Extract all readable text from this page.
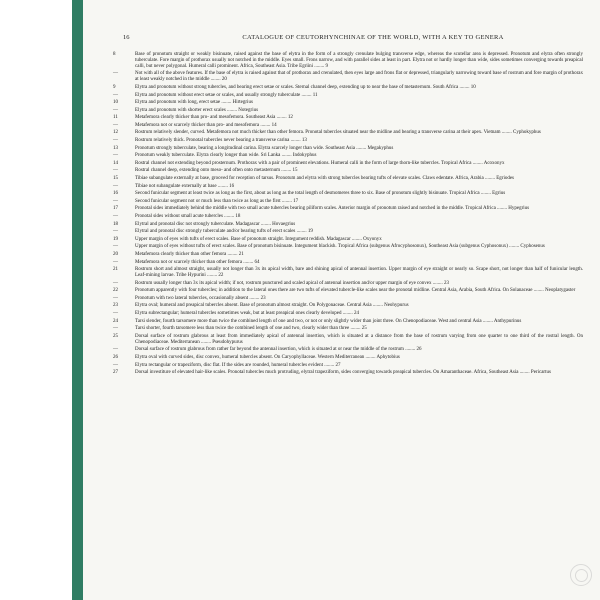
16	CATALOGUE OF CEUTORHYNCHINAE OF THE WORLD, WITH A KEY TO GENERA
8	Base of pronotum straight or weakly bisinuate, raised against the base of elytra in the form of a strongly crenulate bulging transverse edge, whereas the scutellar area is depressed. Pronotum and elytra often strongly tuberculate. Fore margin of prothorax usually not notched in the middle. Eyes small. Frons narrow, and with parallel sides at least in part. Elytra not or hardly longer than wide, sides sometimes converging towards preapical calli, but never polygonal. Humeral calli prominent. Africa, Southeast Asia. Tribe Egriini ........ 9
—	Not with all of the above features. If the base of elytra is raised against that of prothorax and crenulated, then eyes large and frons flat or depressed, triangularly narrowing toward base of rostrum and fore margin of prothorax at least weakly notched in the middle ........ 20
9	Elytra and pronotum without strong tubercles, and bearing erect setae or scales. Sternal channel deep, extending up to near the base of metasternum. South Africa ........ 10
—	Elytra and pronotum without erect setae or scales, and usually strongly tuberculate ........ 11
10	Elytra and pronotum with long, erect setae ........ Hirtegrius
—	Elytra and pronotum with shorter erect scales ........ Notegrius
11	Metafemora clearly thicker than pro- and mesofemora. Southeast Asia ........ 12
—	Metafemora not or scarcely thicker than pro- and mesofemora ........ 14
12	Rostrum relatively slender, curved. Metafemora not much thicker than other femora. Pronotal tubercles situated near the midline and bearing a transverse carina at their apex. Vietnam ........ Cyphokyphus
—	Rostrum relatively thick. Pronotal tubercles never bearing a transverse carina ........ 13
13	Pronotum strongly tuberculate, bearing a longitudinal carina. Elytra scarcely longer than wide. Southeast Asia ........ Megakyphus
—	Pronotum weakly tuberculate. Elytra clearly longer than wide. Sri Lanka ........ Indokyphus
14	Rostral channel not extending beyond prosternum. Prothorax with a pair of prominent elevations. Humeral calli in the form of large thorn-like tubercles. Tropical Africa ........ Acoxonyx
—	Rostral channel deep, extending onto meso- and often onto metasternum ........ 15
15	Tibiae subangulate externally at base, grooved for reception of tarsus. Pronotum and elytra with strong tubercles bearing tufts of elevate scales. Claws edentate. Africa, Arabia ........ Egriodes
—	Tibiae not subangulate externally at base ........ 16
16	Second funicular segment at least twice as long as the first, about as long as the total length of desmomeres three to six. Base of pronotum slightly bisinuate. Tropical Africa ........ Egrius
—	Second funicular segment not or much less than twice as long as the first ........ 17
17	Pronotal sides immediately behind the middle with two small acute tubercles bearing piliform scales. Anterior margin of pronotum raised and notched in the middle. Tropical Africa ........ Hypegrius
—	Pronotal sides without small acute tubercles ........ 18
18	Elytral and pronotal disc not strongly tuberculate. Madagascar ........ Hovaegrius
—	Elytral and pronotal disc strongly tuberculate and/or bearing tufts of erect scales ........ 19
19	Upper margin of eyes with tufts of erect scales. Base of pronotum straight. Integument reddish. Madagascar ........ Oxyonyx
—	Upper margin of eyes without tufts of erect scales. Base of pronotum bisinuate. Integument blackish. Tropical Africa (subgenus Afrocyphosonux), Southeast Asia (subgenus Cyphosonux) ........ Cyphosenus
20	Metafemora clearly thicker than other femora ........ 21
—	Metafemora not or scarcely thicker than other femora ........ 64
21	Rostrum short and almost straight, usually not longer than 3x its apical width, bare and shining apical of antennal insertion. Upper margin of eye straight or nearly so. Scape short, not longer than half of funicular length. Leaf-mining larvae. Tribe Hypurini ........ 22
—	Rostrum usually longer than 3x its apical width; if not, rostrum punctured and scaled apical of antennal insertion and/or upper margin of eye convex ........ 23
22	Pronotum apparently with four tubercles; in addition to the lateral ones there are two tufts of elevated tubercle-like scales near the pronotal midline. Central Asia, Arabia, South Africa. On Solanaceae ........ Neoplatygaster
—	Pronotum with two lateral tubercles, occasionally absent ........ 23
23	Elytra oval; humeral and preapical tubercles absent. Base of pronotum almost straight. On Polygonaceae. Central Asia ........ Neohypurus
—	Elytra subrectangular; humeral tubercles sometimes weak, but at least preapical ones clearly developed ........ 24
24	Tarsi slender, fourth tarsomere more than twice the combined length of one and two, or not or only slightly wider than joint three. On Chenopodiaceae. West and central Asia ........ Anthypurinus
—	Tarsi shorter, fourth tarsomere less than twice the combined length of one and two, clearly wider than three ........ 25
25	Dorsal surface of rostrum glabrous at least from immediately apical of antennal insertion, which is situated at a distance from the base of rostrum varying from one quarter to one third of the rostral length. On Chenopodiaceae. Mediterranean ........ Pseudohypurus
—	Dorsal surface of rostrum glabrous from rather far beyond the antennal insertion, which is situated at or near the middle of the rostrum ........ 26
26	Elytra oval with curved sides, disc convex, humeral tubercles absent. On Caryophyllaceae. Western Mediterranean ........ Aphytobius
—	Elytra rectangular or trapeziform, disc flat. If the sides are rounded, humeral tubercles evident ........ 27
27	Dorsal investiture of elevated hair-like scales. Pronotal tubercles much protruding, elytral trapeziform, sides converging towards preapical tubercles. On Amaranthaceae. Africa, Southeast Asia ........ Pericartus
